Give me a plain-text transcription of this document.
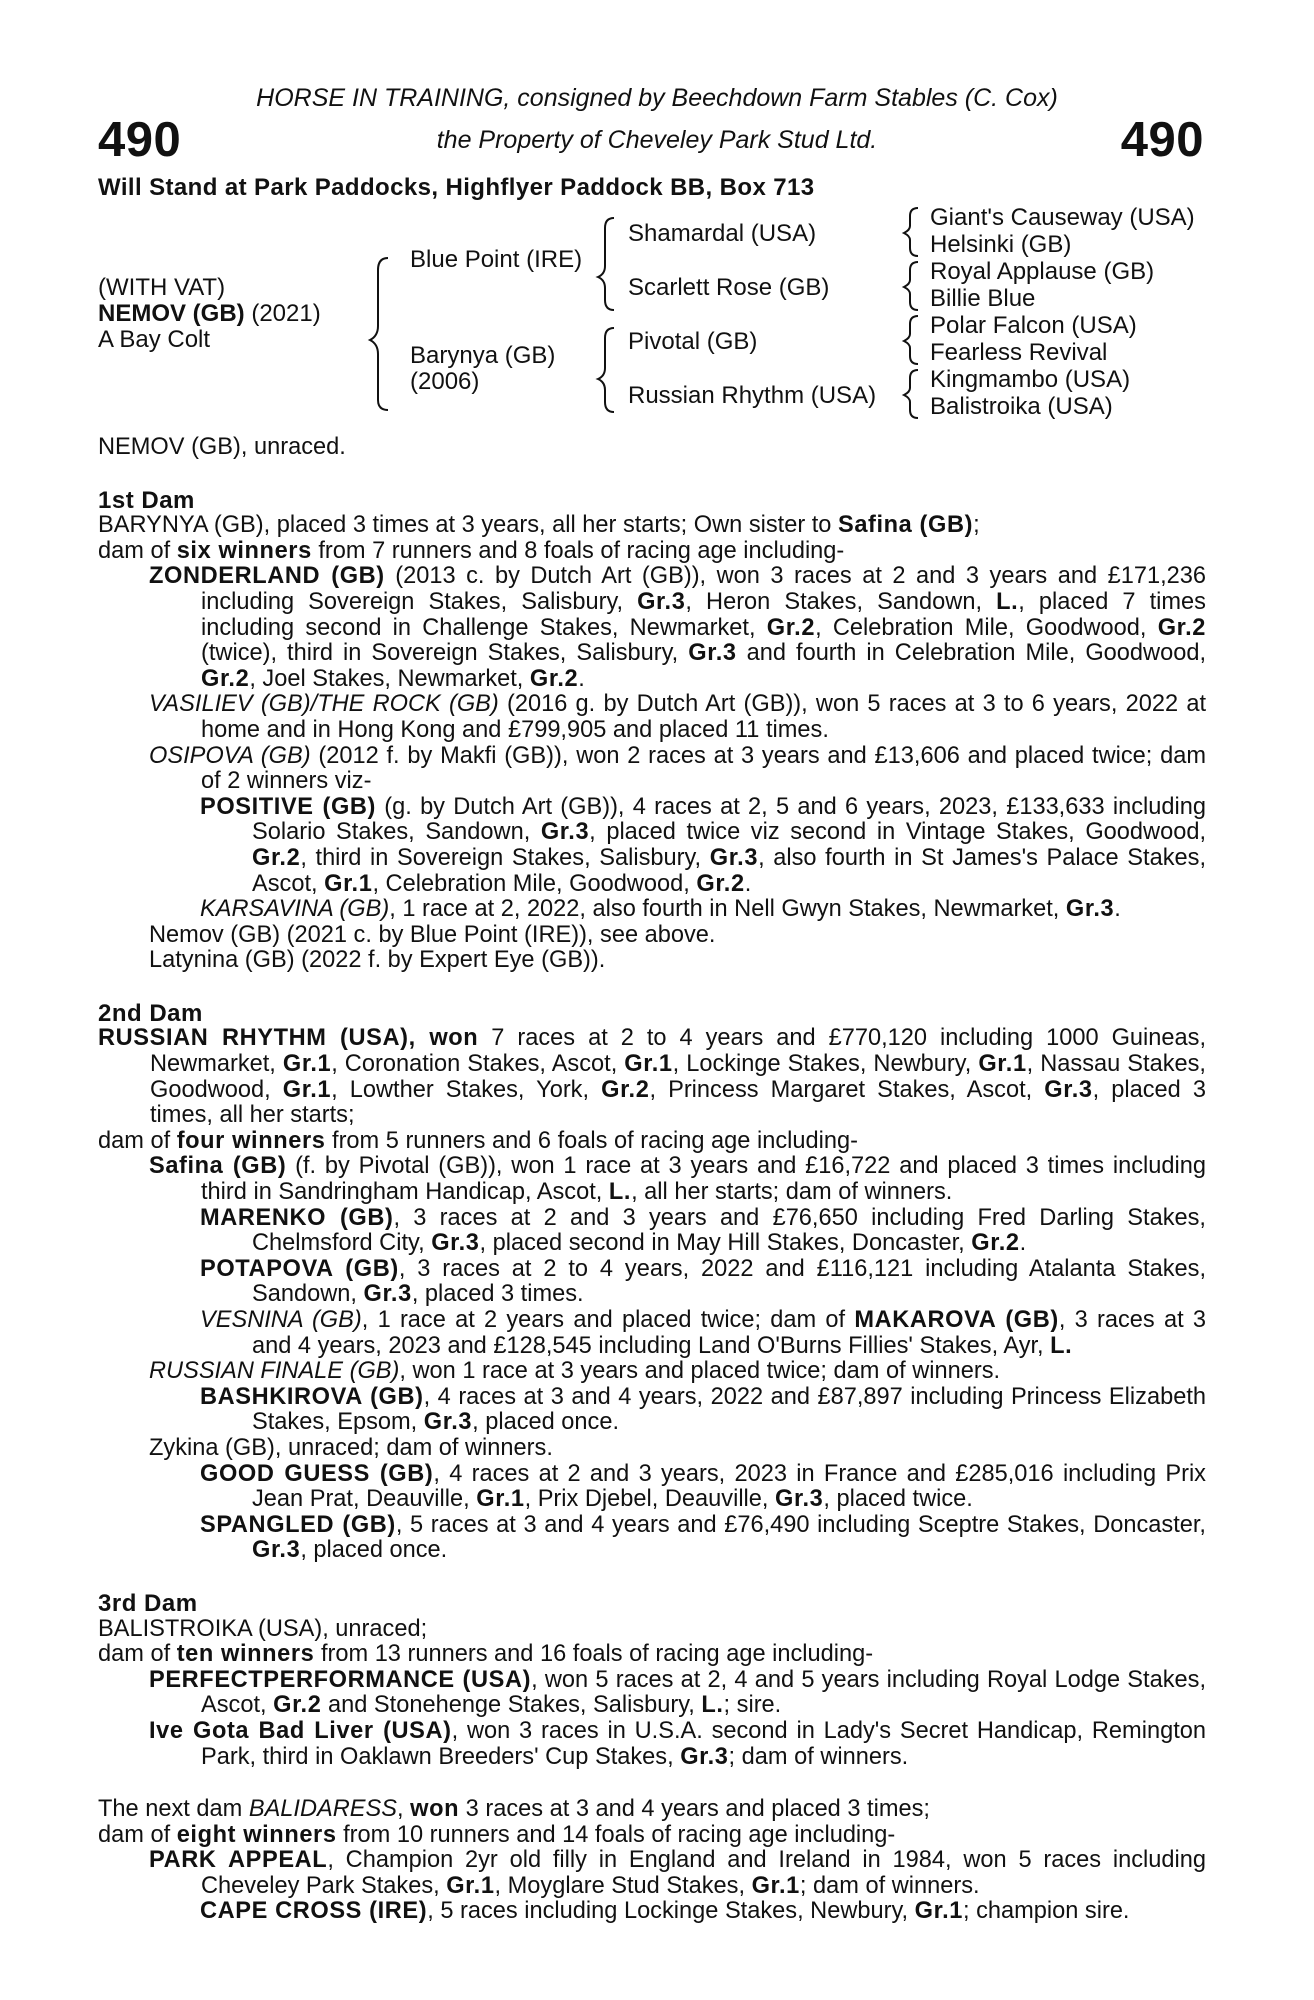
490	490
HORSE IN TRAINING, consigned by Beechdown Farm Stables (C. Cox)
the Property of Cheveley Park Stud Ltd.
Will Stand at Park Paddocks, Highflyer Paddock BB, Box 713
(WITH VAT)
NEMOV (GB) (2021)
A Bay Colt
Blue Point (IRE)
Barynya (GB)
(2006)
Shamardal (USA)
Scarlett Rose (GB)
Pivotal (GB)
Russian Rhythm (USA)
Giant's Causeway (USA)
Helsinki (GB)
Royal Applause (GB)
Billie Blue
Polar Falcon (USA)
Fearless Revival
Kingmambo (USA)
Balistroika (USA)

NEMOV (GB), unraced.

1st Dam

BARYNYA (GB), placed 3 times at 3 years, all her starts; Own sister to Safina (GB);

dam of six winners from 7 runners and 8 foals of racing age including-

ZONDERLAND (GB) (2013 c. by Dutch Art (GB)), won 3 races at 2 and 3 years and £171,236 including Sovereign Stakes, Salisbury, Gr.3, Heron Stakes, Sandown, L., placed 7 times including second in Challenge Stakes, Newmarket, Gr.2, Celebration Mile, Goodwood, Gr.2 (twice), third in Sovereign Stakes, Salisbury, Gr.3 and fourth in Celebration Mile, Goodwood, Gr.2, Joel Stakes, Newmarket, Gr.2.

VASILIEV (GB)/THE ROCK (GB) (2016 g. by Dutch Art (GB)), won 5 races at 3 to 6 years, 2022 at home and in Hong Kong and £799,905 and placed 11 times.

OSIPOVA (GB) (2012 f. by Makfi (GB)), won 2 races at 3 years and £13,606 and placed twice; dam of 2 winners viz-

POSITIVE (GB) (g. by Dutch Art (GB)), 4 races at 2, 5 and 6 years, 2023, £133,633 including Solario Stakes, Sandown, Gr.3, placed twice viz second in Vintage Stakes, Goodwood, Gr.2, third in Sovereign Stakes, Salisbury, Gr.3, also fourth in St James's Palace Stakes, Ascot, Gr.1, Celebration Mile, Goodwood, Gr.2.

KARSAVINA (GB), 1 race at 2, 2022, also fourth in Nell Gwyn Stakes, Newmarket, Gr.3.

Nemov (GB) (2021 c. by Blue Point (IRE)), see above.

Latynina (GB) (2022 f. by Expert Eye (GB)).

2nd Dam

RUSSIAN RHYTHM (USA), won 7 races at 2 to 4 years and £770,120 including 1000 Guineas, Newmarket, Gr.1, Coronation Stakes, Ascot, Gr.1, Lockinge Stakes, Newbury, Gr.1, Nassau Stakes, Goodwood, Gr.1, Lowther Stakes, York, Gr.2, Princess Margaret Stakes, Ascot, Gr.3, placed 3 times, all her starts;

dam of four winners from 5 runners and 6 foals of racing age including-

Safina (GB) (f. by Pivotal (GB)), won 1 race at 3 years and £16,722 and placed 3 times including third in Sandringham Handicap, Ascot, L., all her starts; dam of winners.

MARENKO (GB), 3 races at 2 and 3 years and £76,650 including Fred Darling Stakes, Chelmsford City, Gr.3, placed second in May Hill Stakes, Doncaster, Gr.2.

POTAPOVA (GB), 3 races at 2 to 4 years, 2022 and £116,121 including Atalanta Stakes, Sandown, Gr.3, placed 3 times.

VESNINA (GB), 1 race at 2 years and placed twice; dam of MAKAROVA (GB), 3 races at 3 and 4 years, 2023 and £128,545 including Land O'Burns Fillies' Stakes, Ayr, L.

RUSSIAN FINALE (GB), won 1 race at 3 years and placed twice; dam of winners.

BASHKIROVA (GB), 4 races at 3 and 4 years, 2022 and £87,897 including Princess Elizabeth Stakes, Epsom, Gr.3, placed once.

Zykina (GB), unraced; dam of winners.

GOOD GUESS (GB), 4 races at 2 and 3 years, 2023 in France and £285,016 including Prix Jean Prat, Deauville, Gr.1, Prix Djebel, Deauville, Gr.3, placed twice.

SPANGLED (GB), 5 races at 3 and 4 years and £76,490 including Sceptre Stakes, Doncaster, Gr.3, placed once.

3rd Dam

BALISTROIKA (USA), unraced;

dam of ten winners from 13 runners and 16 foals of racing age including-

PERFECTPERFORMANCE (USA), won 5 races at 2, 4 and 5 years including Royal Lodge Stakes, Ascot, Gr.2 and Stonehenge Stakes, Salisbury, L.; sire.

Ive Gota Bad Liver (USA), won 3 races in U.S.A. second in Lady's Secret Handicap, Remington Park, third in Oaklawn Breeders' Cup Stakes, Gr.3; dam of winners.

The next dam BALIDARESS, won 3 races at 3 and 4 years and placed 3 times;

dam of eight winners from 10 runners and 14 foals of racing age including-

PARK APPEAL, Champion 2yr old filly in England and Ireland in 1984, won 5 races including Cheveley Park Stakes, Gr.1, Moyglare Stud Stakes, Gr.1; dam of winners.

CAPE CROSS (IRE), 5 races including Lockinge Stakes, Newbury, Gr.1; champion sire.
